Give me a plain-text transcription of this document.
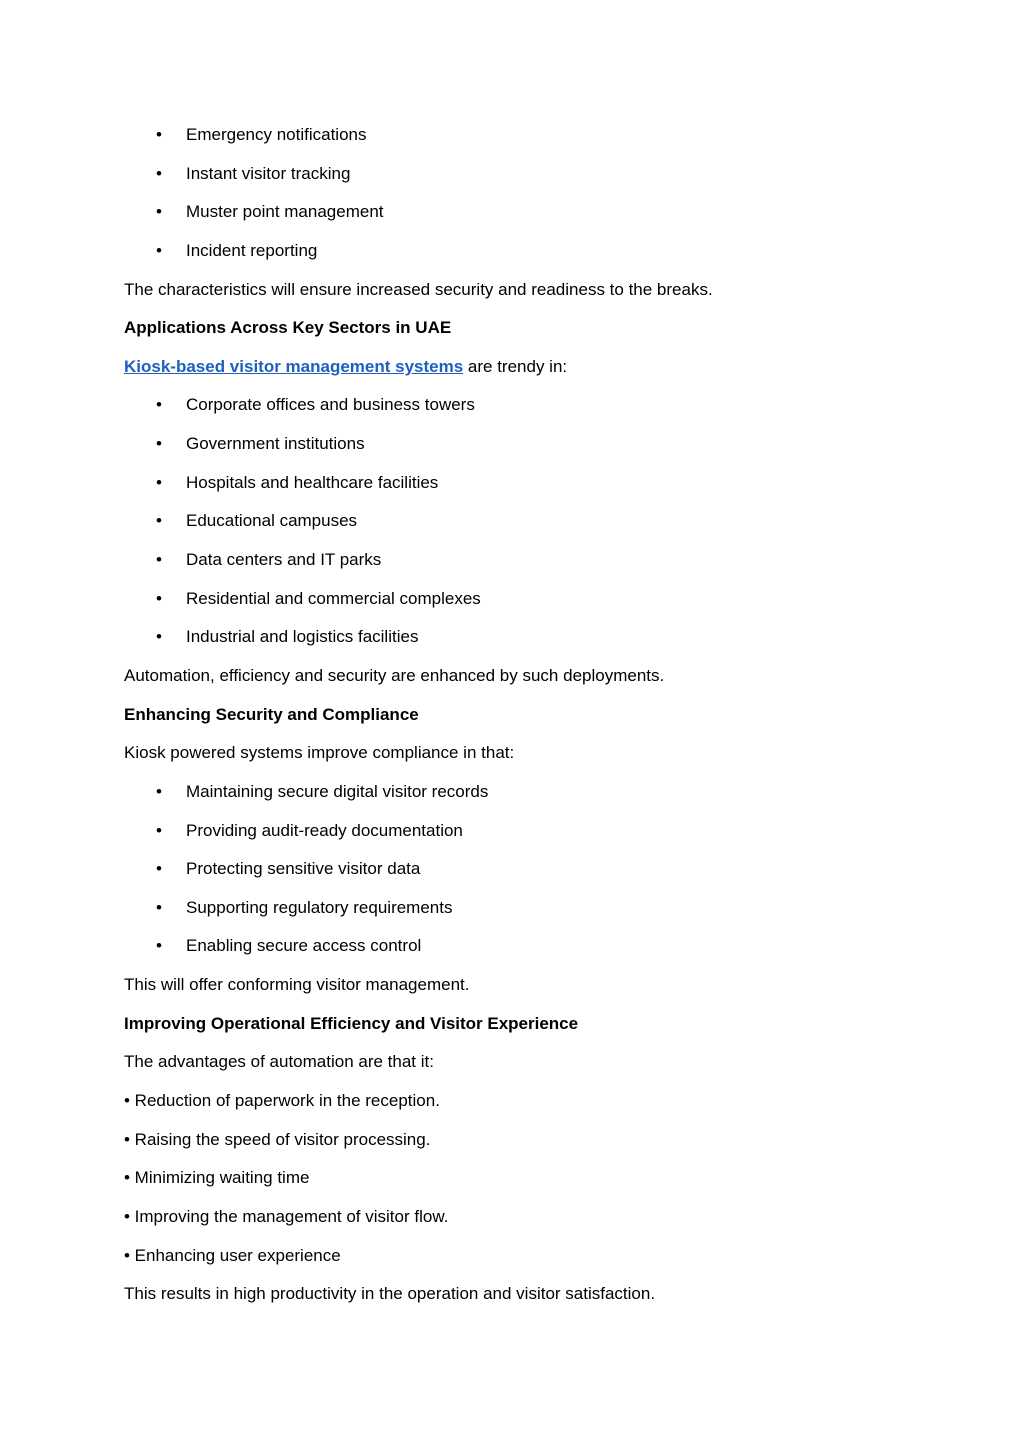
• Emergency notifications
• Instant visitor tracking
• Muster point management
• Incident reporting
The characteristics will ensure increased security and readiness to the breaks.
Applications Across Key Sectors in UAE
Kiosk-based visitor management systems are trendy in:
• Corporate offices and business towers
• Government institutions
• Hospitals and healthcare facilities
• Educational campuses
• Data centers and IT parks
• Residential and commercial complexes
• Industrial and logistics facilities
Automation, efficiency and security are enhanced by such deployments.
Enhancing Security and Compliance
Kiosk powered systems improve compliance in that:
• Maintaining secure digital visitor records
• Providing audit-ready documentation
• Protecting sensitive visitor data
• Supporting regulatory requirements
• Enabling secure access control
This will offer conforming visitor management.
Improving Operational Efficiency and Visitor Experience
The advantages of automation are that it:
• Reduction of paperwork in the reception.
• Raising the speed of visitor processing.
• Minimizing waiting time
• Improving the management of visitor flow.
• Enhancing user experience
This results in high productivity in the operation and visitor satisfaction.
